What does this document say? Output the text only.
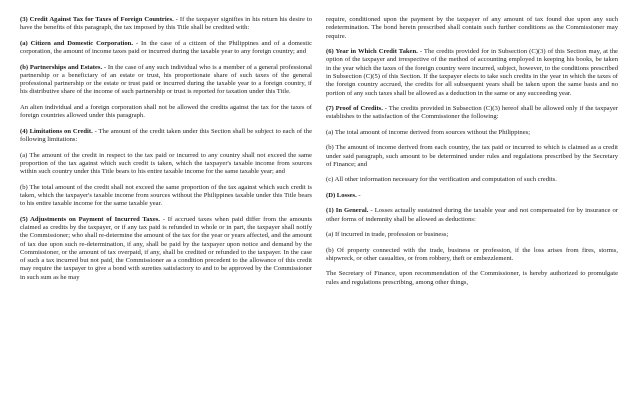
(3) Credit Against Tax for Taxes of Foreign Countries. - If the taxpayer signifies in his return his desire to have the benefits of this paragraph, the tax imposed by this Title shall be credited with:

(a) Citizen and Domestic Corporation. - In the case of a citizen of the Philippines and of a domestic corporation, the amount of income taxes paid or incurred during the taxable year to any foreign country; and

(b) Partnerships and Estates. - In the case of any such individual who is a member of a general professional partnership or a beneficiary of an estate or trust, his proportionate share of such taxes of the general professional partnership or the estate or trust paid or incurred during the taxable year to a foreign country, if his distributive share of the income of such partnership or trust is reported for taxation under this Title.

An alien individual and a foreign corporation shall not be allowed the credits against the tax for the taxes of foreign countries allowed under this paragraph.

(4) Limitations on Credit. - The amount of the credit taken under this Section shall be subject to each of the following limitations:

(a) The amount of the credit in respect to the tax paid or incurred to any country shall not exceed the same proportion of the tax against which such credit is taken, which the taxpayer's taxable income from sources within such country under this Title bears to his entire taxable income for the same taxable year; and

(b) The total amount of the credit shall not exceed the same proportion of the tax against which such credit is taken, which the taxpayer's taxable income from sources without the Philippines taxable under this Title bears to his entire taxable income for the same taxable year.

(5) Adjustments on Payment of Incurred Taxes. - If accrued taxes when paid differ from the amounts claimed as credits by the taxpayer, or if any tax paid is refunded in whole or in part, the taxpayer shall notify the Commissioner; who shall re-determine the amount of the tax for the year or years affected, and the amount of tax due upon such re-determination, if any, shall be paid by the taxpayer upon notice and demand by the Commissioner, or the amount of tax overpaid, if any, shall be credited or refunded to the taxpayer. In the case of such a tax incurred but not paid, the Commissioner as a condition precedent to the allowance of this credit may require the taxpayer to give a bond with sureties satisfactory to and to be approved by the Commissioner in such sum as he may

require, conditioned upon the payment by the taxpayer of any amount of tax found due upon any such redetermination. The bond herein prescribed shall contain such further conditions as the Commissioner may require.

(6) Year in Which Credit Taken. - The credits provided for in Subsection (C)(3) of this Section may, at the option of the taxpayer and irrespective of the method of accounting employed in keeping his books, be taken in the year which the taxes of the foreign country were incurred, subject, however, to the conditions prescribed in Subsection (C)(5) of this Section. If the taxpayer elects to take such credits in the year in which the taxes of the foreign country accrued, the credits for all subsequent years shall be taken upon the same basis and no portion of any such taxes shall be allowed as a deduction in the same or any succeeding year.

(7) Proof of Credits. - The credits provided in Subsection (C)(3) hereof shall be allowed only if the taxpayer establishes to the satisfaction of the Commissioner the following:

(a) The total amount of income derived from sources without the Philippines;

(b) The amount of income derived from each country, the tax paid or incurred to which is claimed as a credit under said paragraph, such amount to be determined under rules and regulations prescribed by the Secretary of Finance; and

(c) All other information necessary for the verification and computation of such credits.

(D) Losses. -

(1) In General. - Losses actually sustained during the taxable year and not compensated for by insurance or other forms of indemnity shall be allowed as deductions:

(a) If incurred in trade, profession or business;

(b) Of property connected with the trade, business or profession, if the loss arises from fires, storms, shipwreck, or other casualties, or from robbery, theft or embezzlement.

The Secretary of Finance, upon recommendation of the Commissioner, is hereby authorized to promulgate rules and regulations prescribing, among other things,
